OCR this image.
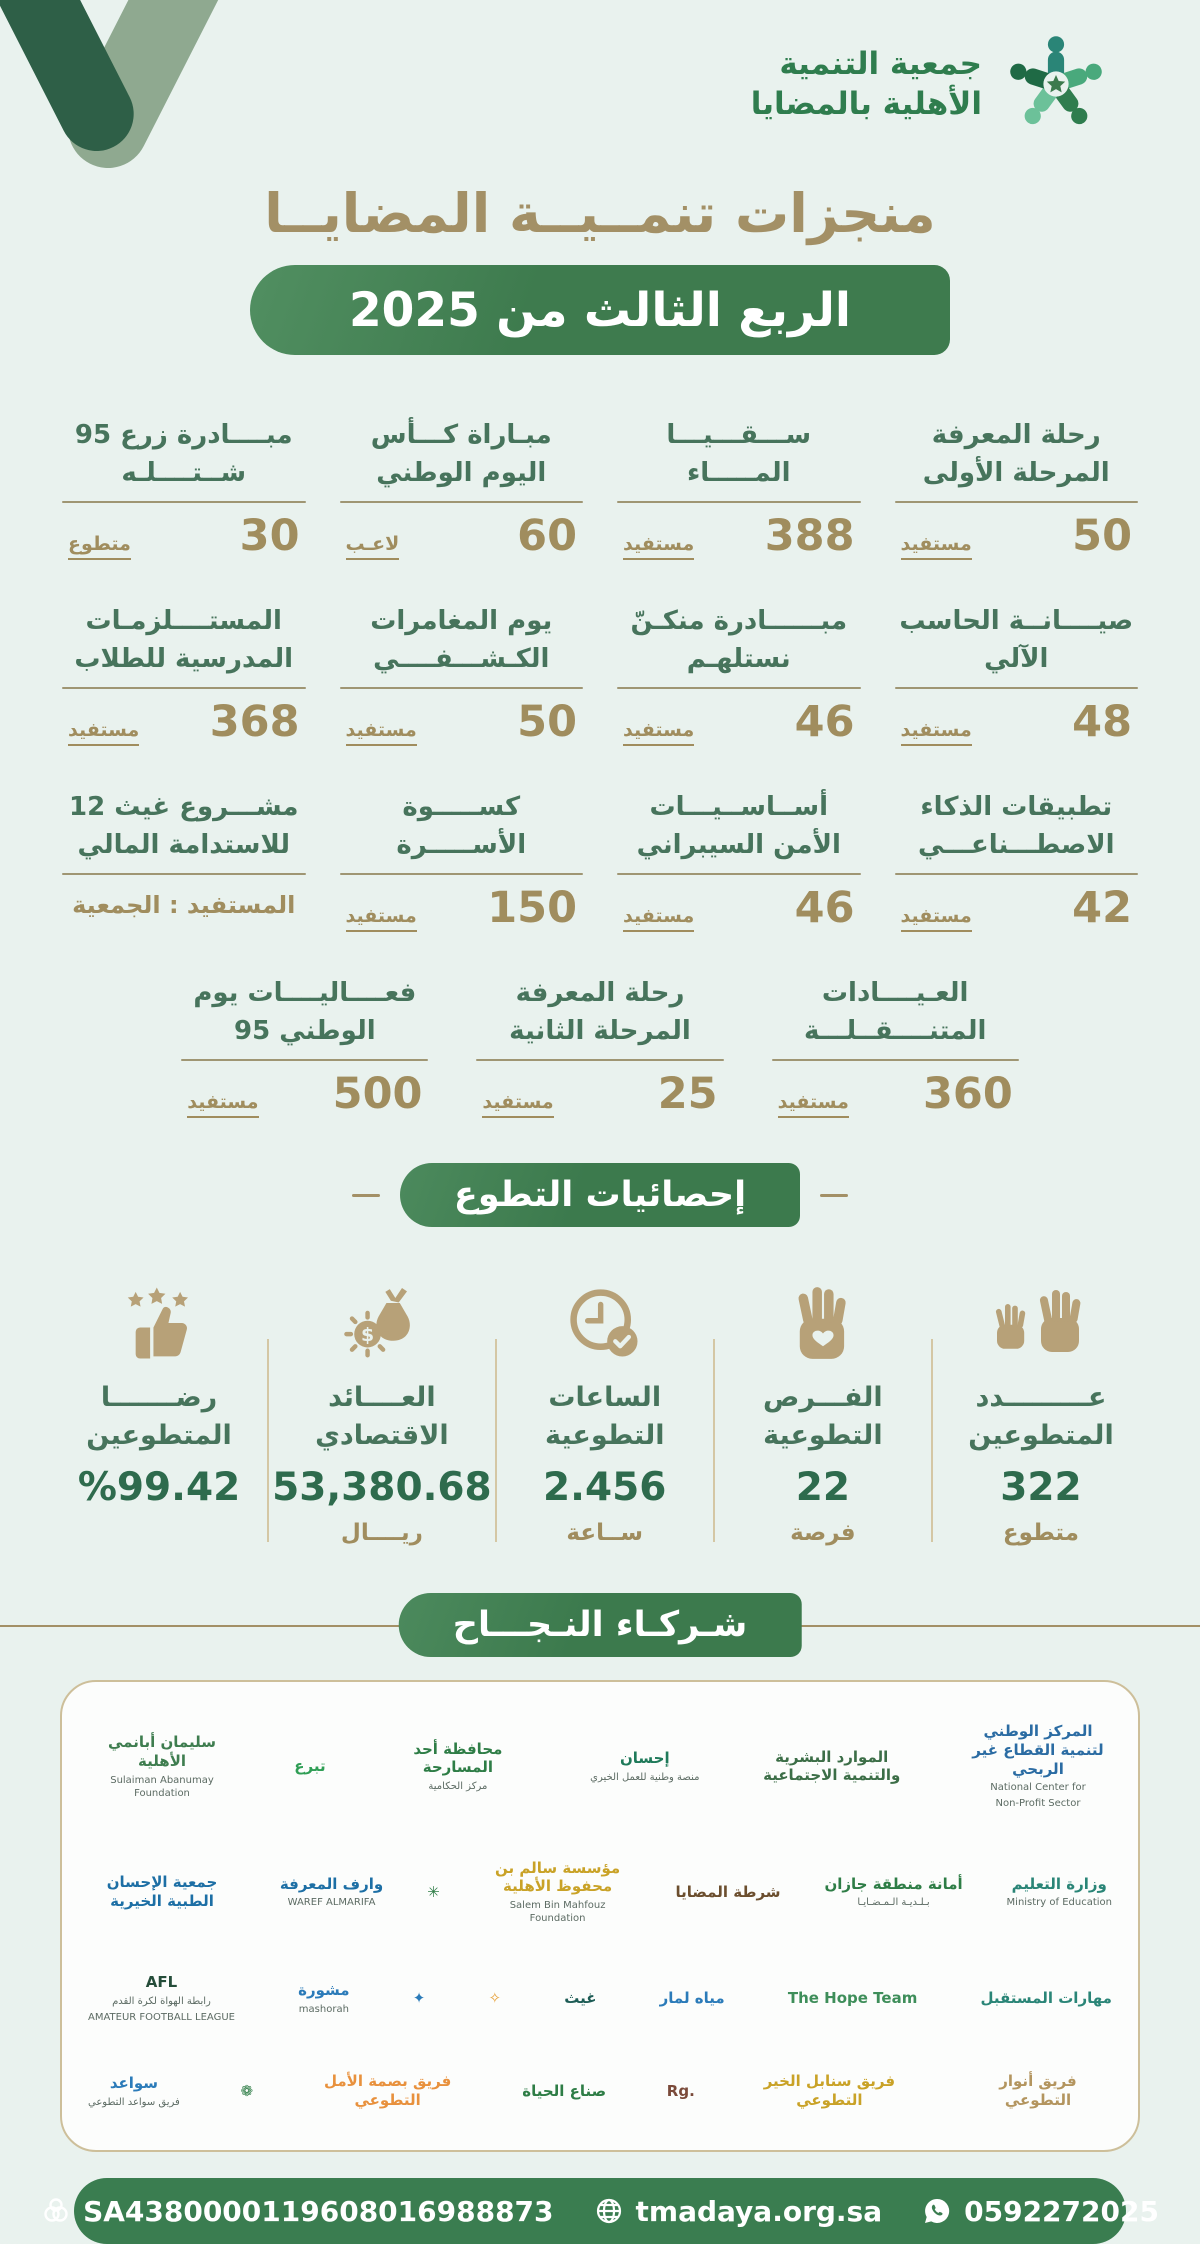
جمعية التنمية
الأهلية بالمضايا
منجزات تنمــيــة المضايــا
الربع الثالث من 2025
رحلة المعرفة المرحلة الأولى
50
مستفيد
ســـقـــيـــا المـــــاء
388
مستفيد
مبـاراة كـــأس اليوم الوطني
60
لاعـب
مبــــادرة زرع 95 شــتــــلـه
30
متطوع
صيــــانــة الحاسب الآلي
48
مستفيد
مبــــــادرة منكـنّ نستلهـم
46
مستفيد
يوم المغامرات الكـشـــفــــي
50
مستفيد
المستــــلزمـات المدرسية للطلاب
368
مستفيد
تطبيقات الذكاء الاصطـــناعـــي
42
مستفيد
أســاســيـــات الأمن السيبراني
46
مستفيد
كســـــوة الأســـــرة
150
مستفيد
مشـــروع غيث 12 للاستدامة المالي
المستفيد : الجمعية
العـيــــادات المتنــــقــلـــة
360
مستفيد
رحلة المعرفة المرحلة الثانية
25
مستفيد
فعــــاليــــات يوم الوطني 95
500
مستفيد
إحصائيات التطوع
عـــــــــدد المتطوعين
322
متطوع
الفـــرص التطوعية
22
فرصة
الساعات التطوعية
2.456
ســاعة
$
العــــائد الاقتصادي
53,380.68
ريــــال
رضـــــــا المتطوعين
%99.42
شـركـاء النـجـــاح
سليمان أبانمي الأهلية
Sulaiman Abanumay Foundation
تبرع
محافظة أحد المسارحة
مركز الحكامية
إحسان
منصة وطنية للعمل الخيري
الموارد البشرية والتنمية الاجتماعية
المركز الوطني لتنمية القطاع غير الربحي
National Center for
Non-Profit Sector
جمعية الإحسان الطبية الخيرية
وارف المعرفة
WAREF ALMARIFA
✳
مؤسسة سالم بن محفوظ الأهلية
Salem Bin Mahfouz Foundation
شرطة المضايا	أمانة منطقة جازان
بـلـديـة الـمـضـايـا
وزارة التعليم
Ministry of Education
AFL
رابطة الهواة لكرة القدم
AMATEUR FOOTBALL LEAGUE
مشورة
mashorah
✦	✧	غيث	مياه لمار	The Hope Team	مهارات المستقبل
سواعد
فريق سواعد التطوعي
❁
فريق بصمة الأمل التطوعي
صناع الحياة	Rg.
فريق سنابل الخير التطوعي
فريق أنوار التطوعي
SA4380000119608016988873	tmadaya.org.sa	0592272025
